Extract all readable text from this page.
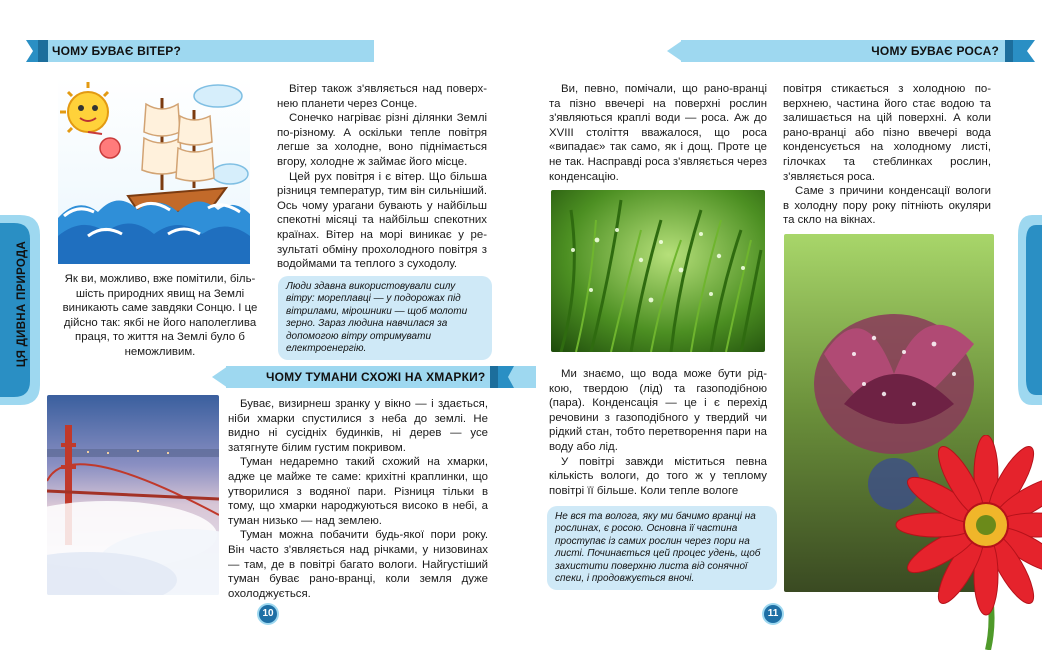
ЧОМУ БУВАЄ ВІТЕР?
Вітер також з'являється над поверхнею планети через Сонце.
Сонечко нагріває різні ділянки Землі по-різному. А оскільки тепле повітря легше за холодне, воно піднімається вгору, холодне ж займає його місце.
Цей рух повітря і є вітер. Що більша різниця температур, тим він сильніший. Ось чому урагани бувають у найбільш спекотні місяці та найбільш спекотних країнах. Вітер на морі виникає у результаті обміну прохолодного повітря з водоймами та теплого з суходолу.
Як ви, можливо, вже помітили, більшість природних явищ на Землі виникають саме завдяки Сонцю. І це дійсно так: якбі не його наполеглива праця, то життя на Землі було б неможливим.
Люди здавна використовували силу вітру: мореплавці — у подорожах під вітрилами, мірошники — щоб молоти зерно. Зараз людина навчилася за допомогою вітру отримувати електроенергію.
ЧОМУ ТУМАНИ СХОЖІ НА ХМАРКИ?
Буває, визирнеш зранку у вікно — і здається, ніби хмарки спустилися з неба до землі. Не видно ні сусідніх будинків, ні дерев — усе затягнуте білим густим покривом.
Туман недаремно такий схожий на хмарки, адже це майже те саме: крихітні краплинки, що утворилися з водяної пари. Різниця тільки в тому, що хмарки народжуються високо в небі, а туман низько — над землею.
Туман можна побачити будь-якої пори року. Він часто з'являється над річками, у низовинах — там, де в повітрі багато вологи. Найгустіший туман буває рано-вранці, коли земля дуже охолоджується.
ЦЯ ДИВНА ПРИРОДА
10
ЧОМУ БУВАЄ РОСА?
Ви, певно, помічали, що рано-вранці та пізно ввечері на поверхні рослин з'являються краплі води — роса. Аж до XVIII століття вважалося, що роса «випадає» так само, як і дощ. Проте це не так. Насправді роса з'являється через конденсацію.
повітря стикається з холодною поверхнею, частина його стає водою та залишається на цій поверхні. А коли рано-вранці або пізно ввечері вода конденсується на холодному листі, гілочках та стеблинках рослин, з'являється роса.
Саме з причини конденсації вологи в холодну пору року пітніють окуляри та скло на вікнах.
Ми знаємо, що вода може бути рідкою, твердою (лід) та газоподібною (пара). Конденсація — це і є перехід речовини з газоподібного у твердий чи рідкий стан, тобто перетворення пари на воду або лід.
У повітрі завжди міститься певна кількість вологи, до того ж у теплому повітрі її більше. Коли тепле вологе
Не вся та волога, яку ми бачимо вранці на рослинах, є росою. Основна її частина проступає із самих рослин через пори на листі. Починається цей процес удень, щоб захистити поверхню листа від сонячної спеки, і продовжується вночі.
11
